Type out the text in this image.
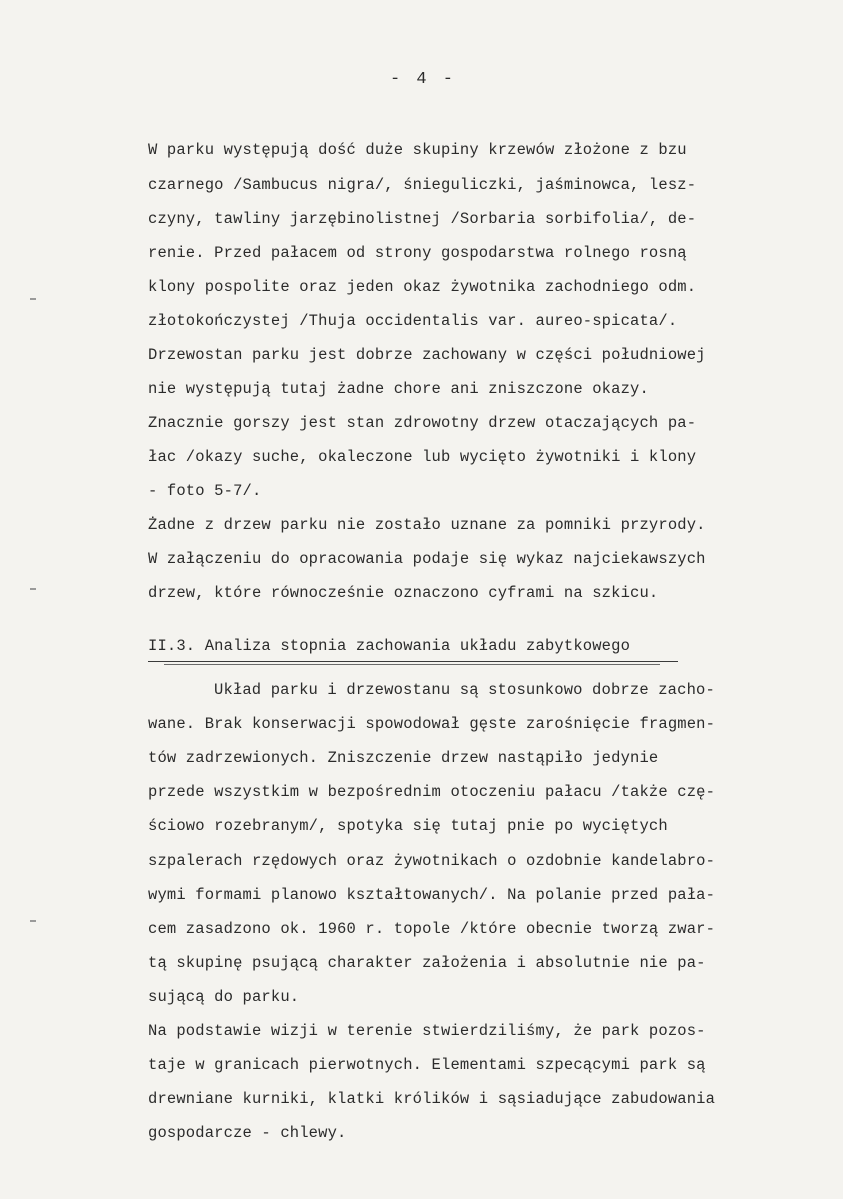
- 4 -
W parku występują dość duże skupiny krzewów złożone z bzu
czarnego /Sambucus nigra/, śnieguliczki, jaśminowca, lesz-
czyny, tawliny jarzębinolistnej /Sorbaria sorbifolia/, de-
renie. Przed pałacem od strony gospodarstwa rolnego rosną
klony pospolite oraz jeden okaz żywotnika zachodniego odm.
złotokończystej /Thuja occidentalis var. aureo-spicata/.
Drzewostan parku jest dobrze zachowany w części południowej
nie występują tutaj żadne chore ani zniszczone okazy.
Znacznie gorszy jest stan zdrowotny drzew otaczających pa-
łac /okazy suche, okaleczone lub wycięto żywotniki i klony
- foto 5-7/.
Żadne z drzew parku nie zostało uznane za pomniki przyrody.
W załączeniu do opracowania podaje się wykaz najciekawszych
drzew, które równocześnie oznaczono cyframi na szkicu.
II.3. Analiza stopnia zachowania układu zabytkowego
Układ parku i drzewostanu są stosunkowo dobrze zacho-
wane. Brak konserwacji spowodował gęste zarośnięcie fragmen-
tów zadrzewionych. Zniszczenie drzew nastąpiło jedynie
przede wszystkim w bezpośrednim otoczeniu pałacu /także czę-
ściowo rozebranym/, spotyka się tutaj pnie po wyciętych
szpalerach rzędowych oraz żywotnikach o ozdobnie kandelabro-
wymi formami planowo kształtowanych/. Na polanie przed pała-
cem zasadzono ok. 1960 r. topole /które obecnie tworzą zwar-
tą skupinę psującą charakter założenia i absolutnie nie pa-
sującą do parku.
Na podstawie wizji w terenie stwierdziliśmy, że park pozos-
taje w granicach pierwotnych. Elementami szpecącymi park są
drewniane kurniki, klatki królików i sąsiadujące zabudowania
gospodarcze - chlewy.
